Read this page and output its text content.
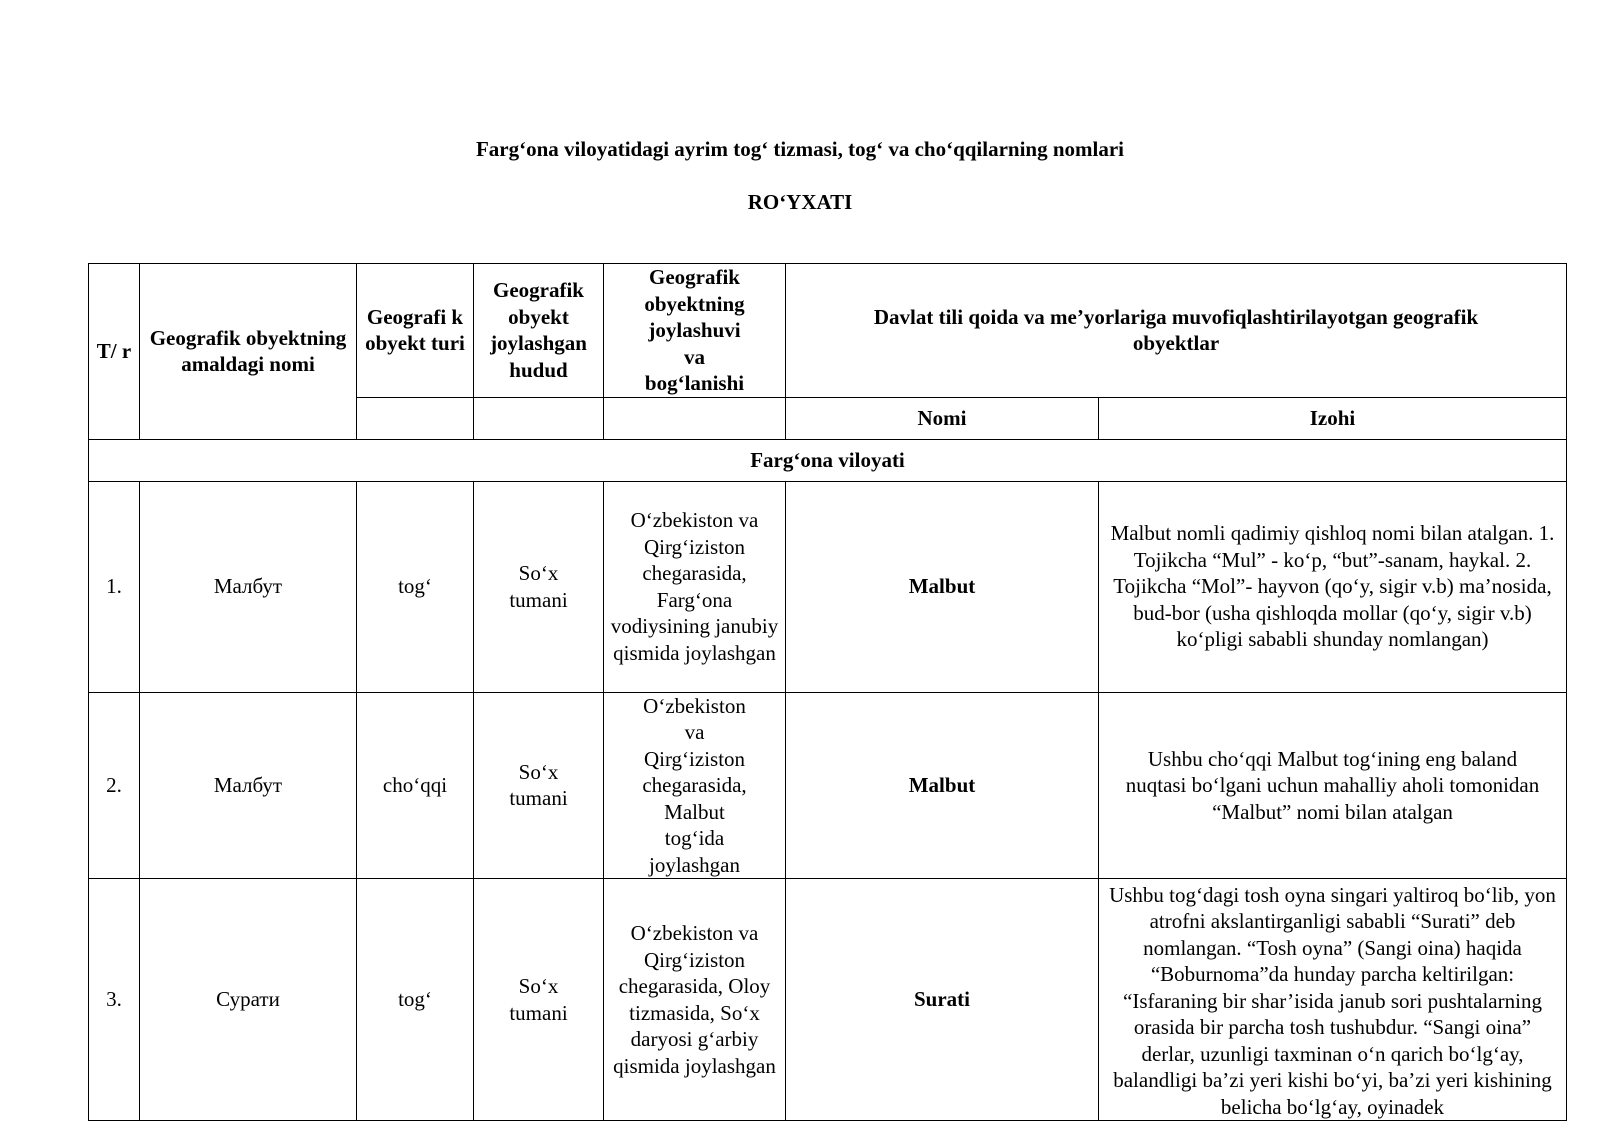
Farg‘ona viloyatidagi ayrim tog‘ tizmasi, tog‘ va cho‘qqilarning nomlari
RO‘YXATI
T/ r	Geografik obyektning amaldagi nomi	Geografi k obyekt turi	Geografik obyekt joylashgan hudud	Geografik obyektning joylashuvi va bog‘lanishi	Davlat tili qoida va me’yorlariga muvofiqlashtirilayotgan geografik obyektlar	
					Nomi	Izohi
Farg‘ona viloyati						
1.	Малбут	tog‘	So‘x tumani	O‘zbekiston va Qirg‘iziston chegarasida, Farg‘ona vodiysining janubiy qismida joylashgan	Malbut	Malbut nomli qadimiy qishloq nomi bilan atalgan. 1. Tojikcha “Mul” - ko‘p, “but”-sanam, haykal. 2. Tojikcha “Mol”- hayvon (qo‘y, sigir v.b) ma’nosida, bud-bor (usha qishloqda mollar (qo‘y, sigir v.b) ko‘pligi sababli shunday nomlangan)
2.	Малбут	cho‘qqi	So‘x tumani	O‘zbekiston va Qirg‘iziston chegarasida, Malbut tog‘ida joylashgan	Malbut	Ushbu cho‘qqi Malbut tog‘ining eng baland nuqtasi bo‘lgani uchun mahalliy aholi tomonidan “Malbut” nomi bilan atalgan
3.	Сурати	tog‘	So‘x tumani	O‘zbekiston va Qirg‘iziston chegarasida, Oloy tizmasida, So‘x daryosi g‘arbiy qismida joylashgan	Surati	Ushbu tog‘dagi tosh oyna singari yaltiroq bo‘lib, yon atrofni akslantirganligi sababli “Surati” deb nomlangan. “Tosh oyna” (Sangi oina) haqida “Boburnoma”da hunday parcha keltirilgan: “Isfaraning bir shar’isida janub sori pushtalarning orasida bir parcha tosh tushubdur. “Sangi oina” derlar, uzunligi taxminan o‘n qarich bo‘lg‘ay, balandligi ba’zi yeri kishi bo‘yi, ba’zi yeri kishining belicha bo‘lg‘ay, oyinadek
